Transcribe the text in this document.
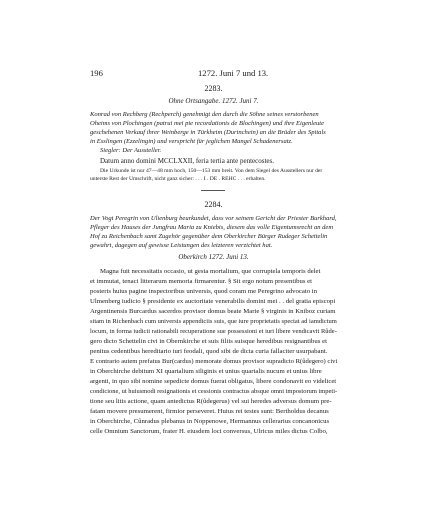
196	1272. Juni 7 und 13.
2283.
Ohne Ortsangabe. 1272. Juni 7.
Konrad von Rechberg (Rechperch) genehmigt den durch die Söhne seines verstorbenen
Oheims von Plochingen (patrui mei pie recordationis de Blochingen) und ihre Eigenleute
geschehenen Verkauf ihrer Weinberge in Türkheim (Durinchein) an die Brüder des Spitals
in Esslingen (Ezzelingin) und verspricht für jeglichen Mangel Schadenersatz.
Siegler: Der Aussteller.
Datum anno domini MCCLXXII, feria tertia ante pentecostes.
Die Urkunde ist nur 47—48 mm hoch, 150—153 mm breit. Von dem Siegel des Ausstellers nur der
unterste Rest der Umschrift, nicht ganz sicher: . . . I . DE . REHC . . . erhalten.
2284.
Der Vogt Peregrin von Ulienburg beurkundet, dass vor seinem Gericht der Priester Burkhard,
Pfleger des Hauses der Jungfrau Maria zu Kniebis, diesem das volle Eigentumsrecht an dem
Hof zu Reichenbach samt Zugehör gegenüber dem Oberkircher Bürger Rudeger Schettelin
gewahrt, dagegen auf gewisse Leistungen des letzteren verzichtet hat.
Oberkirch 1272. Juni 13.
Magna fuit necessitatis occasio, ut gesta mortalium, que corruptela temporis delet
et immutat, tenaci litterarum memoria firmarentur. § Sit ergo notum presentibus et
posteris huius pagine inspectoribus universis, quod coram me Peregrino advocato in
Ulmenberg iudicio § presidente ex auctoritate venerabilis domini mei . . del gratia episcopi
Argentinensis Burcardus sacerdos provisor domus beate Marie § virginis in Kniboz curiam
sitam in Richenbach cum universis appendiciis suis, que iure proprietatis spectat ad iamdictum
locum, in forma iudicii rationabili recuperatione sue possessioni et iuri libere vendicavit Rûde-
gero dicto Schettelin civi in Obernkirche et suis filiis suisque heredibus resignantibus et
penitus cedentibus hereditario iuri feodali, quod sibi de dicta curia fallaciter usurpabant.
E contrario autem prefatus Bur(cardus) memorate domus provisor supradicto R(ûdegero) civi
in Oberchirche debitum XI quartalium siliginis et unius quartalis nucum et unius libre
argenti, in quo sibi nomine sepedicte domus fuerat obligatus, libere condonavit eo videlicet
condicione, ut huiusmodi resignationis et cessionis contractus absque omni impostorum impeti-
tione seu litis actione, quam antedictus R(ûdegerus) vel sui heredes adversus domum pre-
fatam movere presumerent, firmior perseveret. Huius rei testes sunt: Bertholdus decanus
in Oberchirche, Cûnradus plebanus in Noppenowe, Hermannus cellerarius concanonicus
celle Omnium Sanctorum, frater H. eiusdem loci conversus, Ulricus miles dictus Colbo,
